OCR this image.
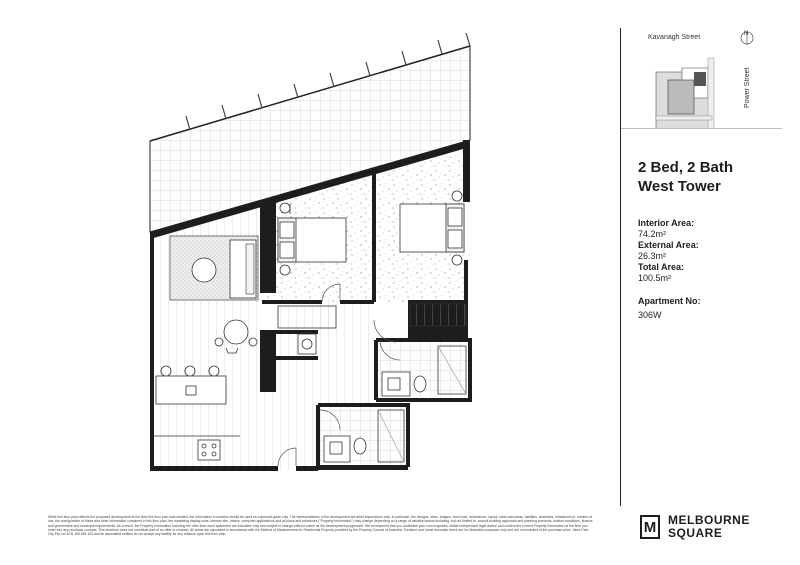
Kavanagh Street
Power Street
N
2 Bed, 2 Bath
West Tower
Interior Area:
74.2m²
External Area:
26.3m²
Total Area:
100.5m²
Apartment No:
306W
While this floor plan reflects the proposed development at the time this floor plan was created, the information it contains should be used as a general guide only. The representations of the development are artist impressions only. In particular, the designs, sizes, images, view lines, dimensions, layout, sizes and areas, facilities, amenities, infrastructure, number of lots, the configuration of these and other information contained in this floor plan, the marketing display suite, internet site, videos, computer applications and all plans and schedules ("Property Information") may change depending on a range of variable factors including, but not limited to, council building approvals and planning consents, market conditions, finance and government and municipal requirements. As a result, the Property Information including the view from each apartment are indicative only and subject to change without notice as the development progresses. We recommend that you undertake your own enquiries, obtain independent legal advice and confirm the current Property Information at the time you enter into any purchase contract. This brochure does not constitute part of an offer or contract. All areas are calculated in accordance with the Method of Measurement for Residential Property provided by the Property Council of Australia. Furniture and home decorator items are for illustrative purposes only and are not included in the purchase price. Yarra Park City Pty Ltd ACN 169 645 103 and its associated entities do not accept any liability for any reliance upon this floor plan.	M MELBOURNE
SQUARE
